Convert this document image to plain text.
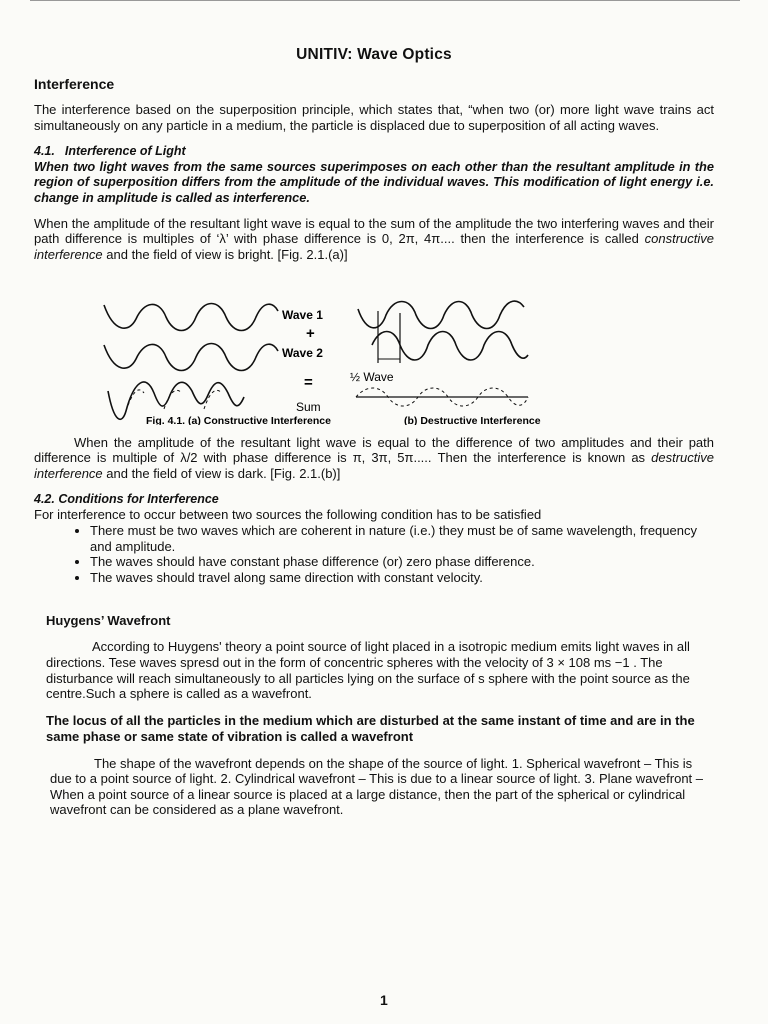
UNITIV: Wave Optics
Interference

The interference based on the superposition principle, which states that, “when two (or) more light wave trains act simultaneously on any particle in a medium, the particle is displaced due to superposition of all acting waves.

4.1. Interference of Light

When two light waves from the same sources superimposes on each other than the resultant amplitude in the region of superposition differs from the amplitude of the individual waves. This modification of light energy i.e. change in amplitude is called as interference.

When the amplitude of the resultant light wave is equal to the sum of the amplitude the two interfering waves and their path difference is multiples of ‘λ’ with phase difference is 0, 2π, 4π.... then the interference is called constructive interference and the field of view is bright. [Fig. 2.1.(a)]

Wave 1
+
Wave 2
=	½ Wave
Sum
Fig. 4.1. (a) Constructive Interference	(b) Destructive Interference

When the amplitude of the resultant light wave is equal to the difference of two amplitudes and their path difference is multiple of λ/2 with phase difference is π, 3π, 5π..... Then the interference is known as destructive interference and the field of view is dark. [Fig. 2.1.(b)]

4.2. Conditions for Interference

For interference to occur between two sources the following condition has to be satisfied

• There must be two waves which are coherent in nature (i.e.) they must be of same wavelength, frequency and amplitude.
• The waves should have constant phase difference (or) zero phase difference.
• The waves should travel along same direction with constant velocity.
Huygens’ Wavefront

According to Huygens' theory a point source of light placed in a isotropic medium emits light waves in all directions. Tese waves spresd out in the form of concentric spheres with the velocity of 3 × 108 ms −1 . The disturbance will reach simultaneously to all particles lying on the surface of s sphere with the point source as the centre.Such a sphere is called as a wavefront.

The locus of all the particles in the medium which are disturbed at the same instant of time and are in the same phase or same state of vibration is called a wavefront

The shape of the wavefront depends on the shape of the source of light. 1. Spherical wavefront – This is due to a point source of light. 2. Cylindrical wavefront – This is due to a linear source of light. 3. Plane wavefront – When a point source of a linear source is placed at a large distance, then the part of the spherical or cylindrical wavefront can be considered as a plane wavefront.

1
